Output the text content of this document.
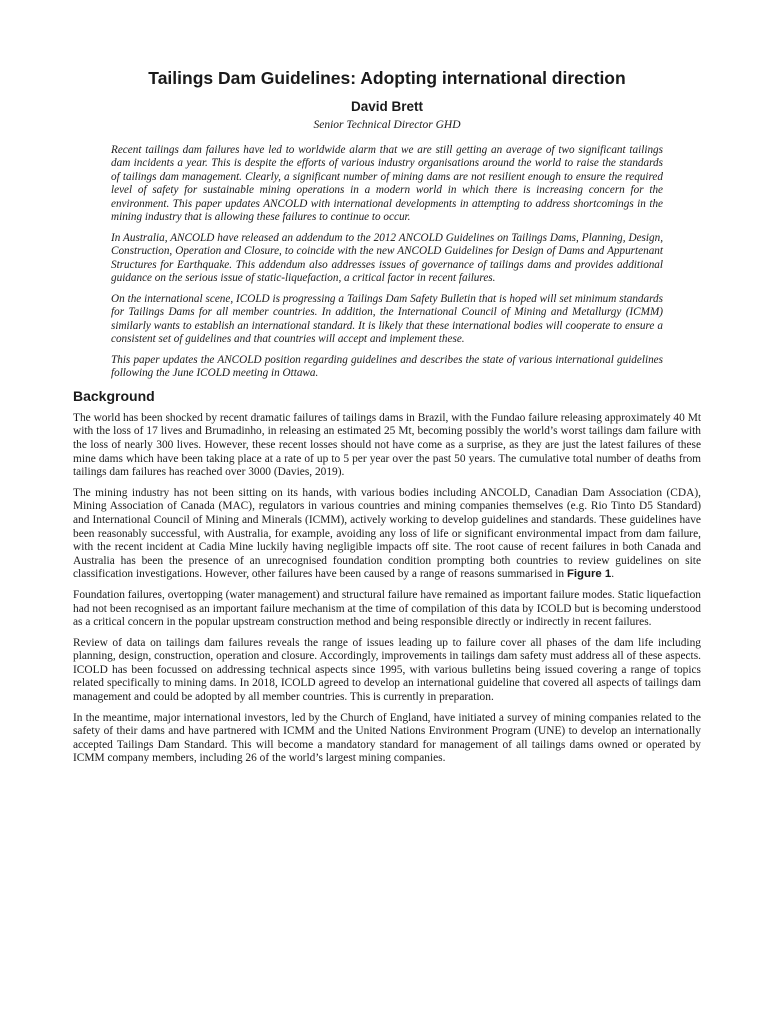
Tailings Dam Guidelines: Adopting international direction
David Brett
Senior Technical Director GHD

Recent tailings dam failures have led to worldwide alarm that we are still getting an average of two significant tailings dam incidents a year. This is despite the efforts of various industry organisations around the world to raise the standards of tailings dam management. Clearly, a significant number of mining dams are not resilient enough to ensure the required level of safety for sustainable mining operations in a modern world in which there is increasing concern for the environment. This paper updates ANCOLD with international developments in attempting to address shortcomings in the mining industry that is allowing these failures to continue to occur.

In Australia, ANCOLD have released an addendum to the 2012 ANCOLD Guidelines on Tailings Dams, Planning, Design, Construction, Operation and Closure, to coincide with the new ANCOLD Guidelines for Design of Dams and Appurtenant Structures for Earthquake. This addendum also addresses issues of governance of tailings dams and provides additional guidance on the serious issue of static-liquefaction, a critical factor in recent failures.

On the international scene, ICOLD is progressing a Tailings Dam Safety Bulletin that is hoped will set minimum standards for Tailings Dams for all member countries. In addition, the International Council of Mining and Metallurgy (ICMM) similarly wants to establish an international standard. It is likely that these international bodies will cooperate to ensure a consistent set of guidelines and that countries will accept and implement these.

This paper updates the ANCOLD position regarding guidelines and describes the state of various international guidelines following the June ICOLD meeting in Ottawa.

Background

The world has been shocked by recent dramatic failures of tailings dams in Brazil, with the Fundao failure releasing approximately 40 Mt with the loss of 17 lives and Brumadinho, in releasing an estimated 25 Mt, becoming possibly the world’s worst tailings dam failure with the loss of nearly 300 lives. However, these recent losses should not have come as a surprise, as they are just the latest failures of these mine dams which have been taking place at a rate of up to 5 per year over the past 50 years. The cumulative total number of deaths from tailings dam failures has reached over 3000 (Davies, 2019).

The mining industry has not been sitting on its hands, with various bodies including ANCOLD, Canadian Dam Association (CDA), Mining Association of Canada (MAC), regulators in various countries and mining companies themselves (e.g. Rio Tinto D5 Standard) and International Council of Mining and Minerals (ICMM), actively working to develop guidelines and standards. These guidelines have been reasonably successful, with Australia, for example, avoiding any loss of life or significant environmental impact from dam failure, with the recent incident at Cadia Mine luckily having negligible impacts off site. The root cause of recent failures in both Canada and Australia has been the presence of an unrecognised foundation condition prompting both countries to review guidelines on site classification investigations. However, other failures have been caused by a range of reasons summarised in Figure 1.

Foundation failures, overtopping (water management) and structural failure have remained as important failure modes. Static liquefaction had not been recognised as an important failure mechanism at the time of compilation of this data by ICOLD but is becoming understood as a critical concern in the popular upstream construction method and being responsible directly or indirectly in recent failures.

Review of data on tailings dam failures reveals the range of issues leading up to failure cover all phases of the dam life including planning, design, construction, operation and closure. Accordingly, improvements in tailings dam safety must address all of these aspects. ICOLD has been focussed on addressing technical aspects since 1995, with various bulletins being issued covering a range of topics related specifically to mining dams. In 2018, ICOLD agreed to develop an international guideline that covered all aspects of tailings dam management and could be adopted by all member countries. This is currently in preparation.

In the meantime, major international investors, led by the Church of England, have initiated a survey of mining companies related to the safety of their dams and have partnered with ICMM and the United Nations Environment Program (UNE) to develop an internationally accepted Tailings Dam Standard. This will become a mandatory standard for management of all tailings dams owned or operated by ICMM company members, including 26 of the world’s largest mining companies.
